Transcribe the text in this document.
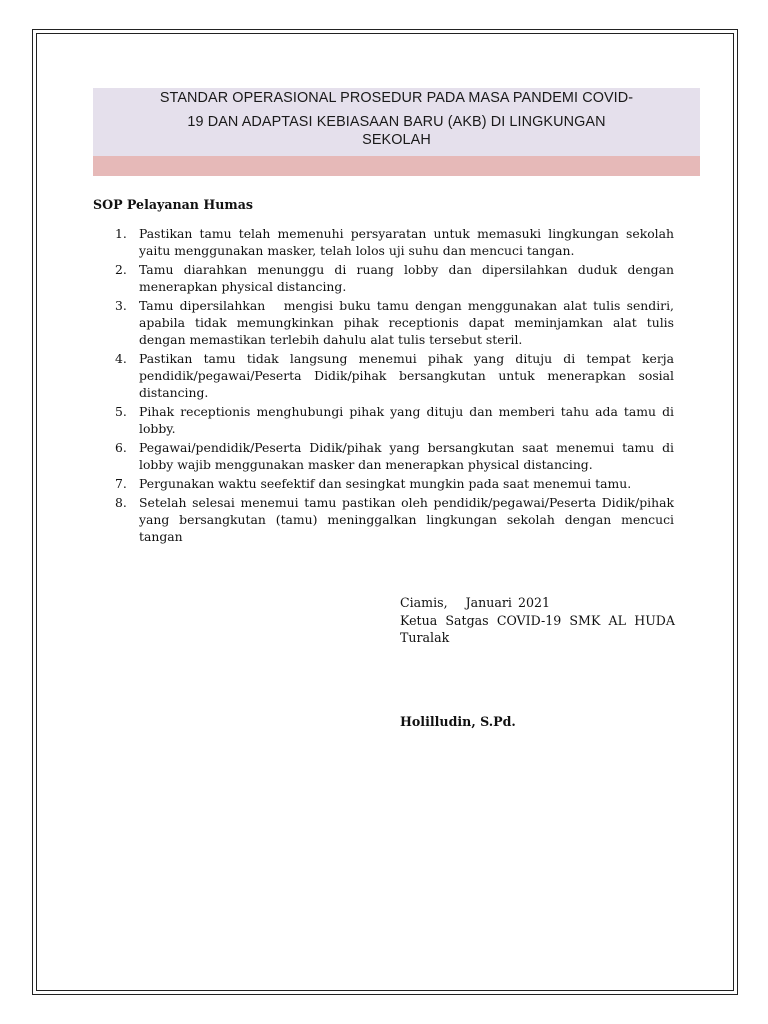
STANDAR OPERASIONAL PROSEDUR PADA MASA PANDEMI COVID-
19 DAN ADAPTASI KEBIASAAN BARU (AKB) DI LINGKUNGAN
SEKOLAH
SOP Pelayanan Humas
1. Pastikan tamu telah memenuhi persyaratan untuk memasuki lingkungan sekolah yaitu menggunakan masker, telah lolos uji suhu dan mencuci tangan.
2. Tamu diarahkan menunggu di ruang lobby dan dipersilahkan duduk dengan menerapkan physical distancing.
3. Tamu dipersilahkan   mengisi buku tamu dengan menggunakan alat tulis sendiri, apabila tidak memungkinkan pihak receptionis dapat meminjamkan alat tulis dengan memastikan terlebih dahulu alat tulis tersebut steril.
4. Pastikan tamu tidak langsung menemui pihak yang dituju di tempat kerja pendidik/pegawai/Peserta Didik/pihak bersangkutan untuk menerapkan sosial distancing.
5. Pihak receptionis menghubungi pihak yang dituju dan memberi tahu ada tamu di lobby.
6. Pegawai/pendidik/Peserta Didik/pihak yang bersangkutan saat menemui tamu di lobby wajib menggunakan masker dan menerapkan physical distancing.
7. Pergunakan waktu seefektif dan sesingkat mungkin pada saat menemui tamu.
8. Setelah selesai menemui tamu pastikan oleh pendidik/pegawai/Peserta Didik/pihak yang bersangkutan (tamu) meninggalkan lingkungan sekolah dengan mencuci tangan
Ciamis,   Januari 2021
Ketua Satgas COVID-19 SMK AL HUDA Turalak
Holilludin, S.Pd.
